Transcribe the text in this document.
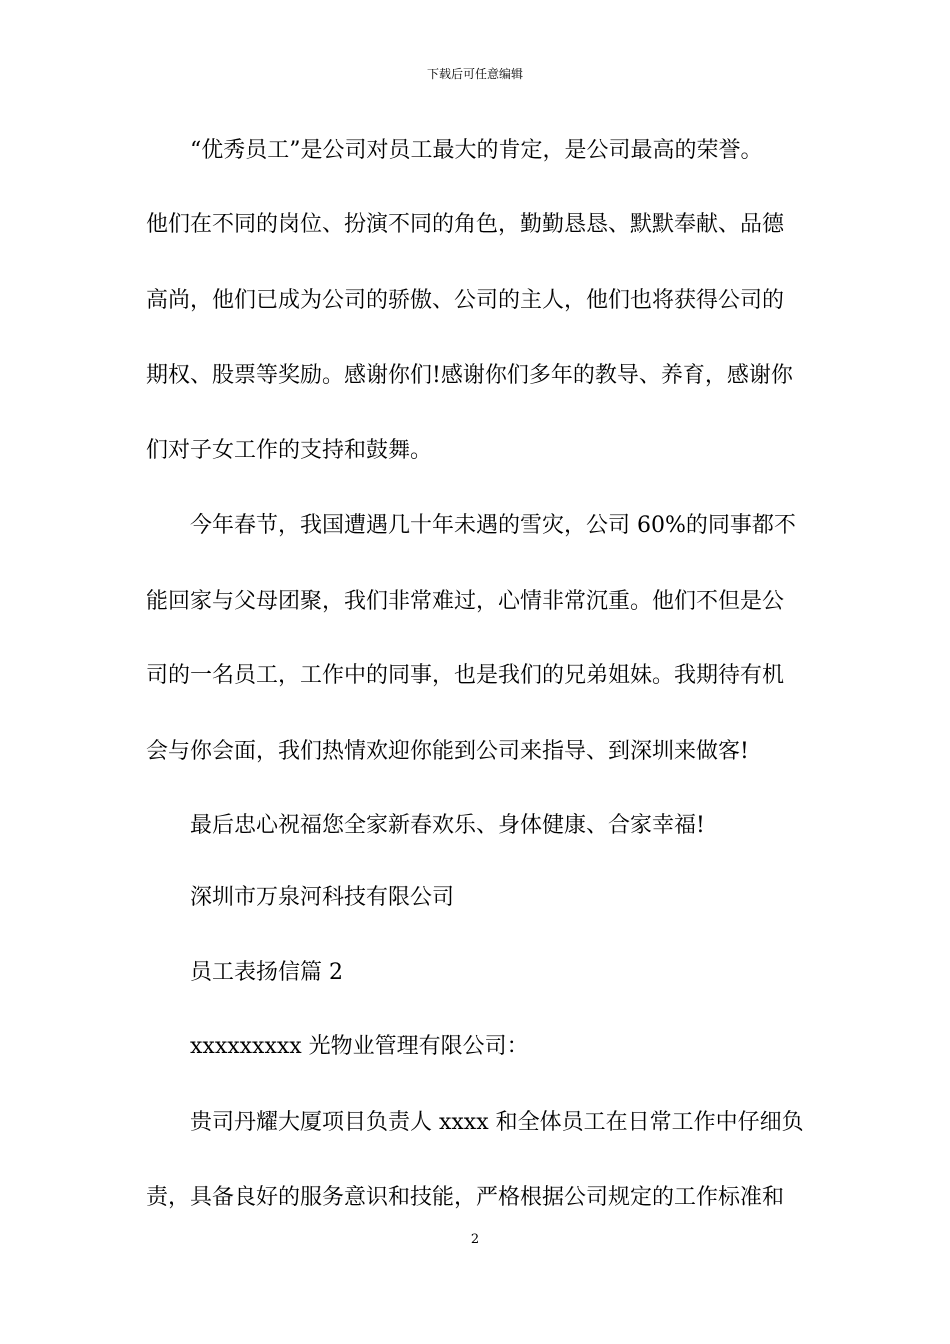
下载后可任意编辑
　　“优秀员工”是公司对员工最大的肯定，是公司最高的荣誉。
他们在不同的岗位、扮演不同的角色，勤勤恳恳、默默奉献、品德
高尚，他们已成为公司的骄傲、公司的主人，他们也将获得公司的
期权、股票等奖励。感谢你们!感谢你们多年的教导、养育，感谢你
们对子女工作的支持和鼓舞。
　　今年春节，我国遭遇几十年未遇的雪灾，公司 60%的同事都不
能回家与父母团聚，我们非常难过，心情非常沉重。他们不但是公
司的一名员工，工作中的同事，也是我们的兄弟姐妹。我期待有机
会与你会面，我们热情欢迎你能到公司来指导、到深圳来做客!
　　最后忠心祝福您全家新春欢乐、身体健康、合家幸福!
　　深圳市万泉河科技有限公司
　　员工表扬信篇 2
　　xxxxxxxxx 光物业管理有限公司：
　　贵司丹耀大厦项目负责人 xxxx 和全体员工在日常工作中仔细负
责，具备良好的服务意识和技能，严格根据公司规定的工作标准和
2
